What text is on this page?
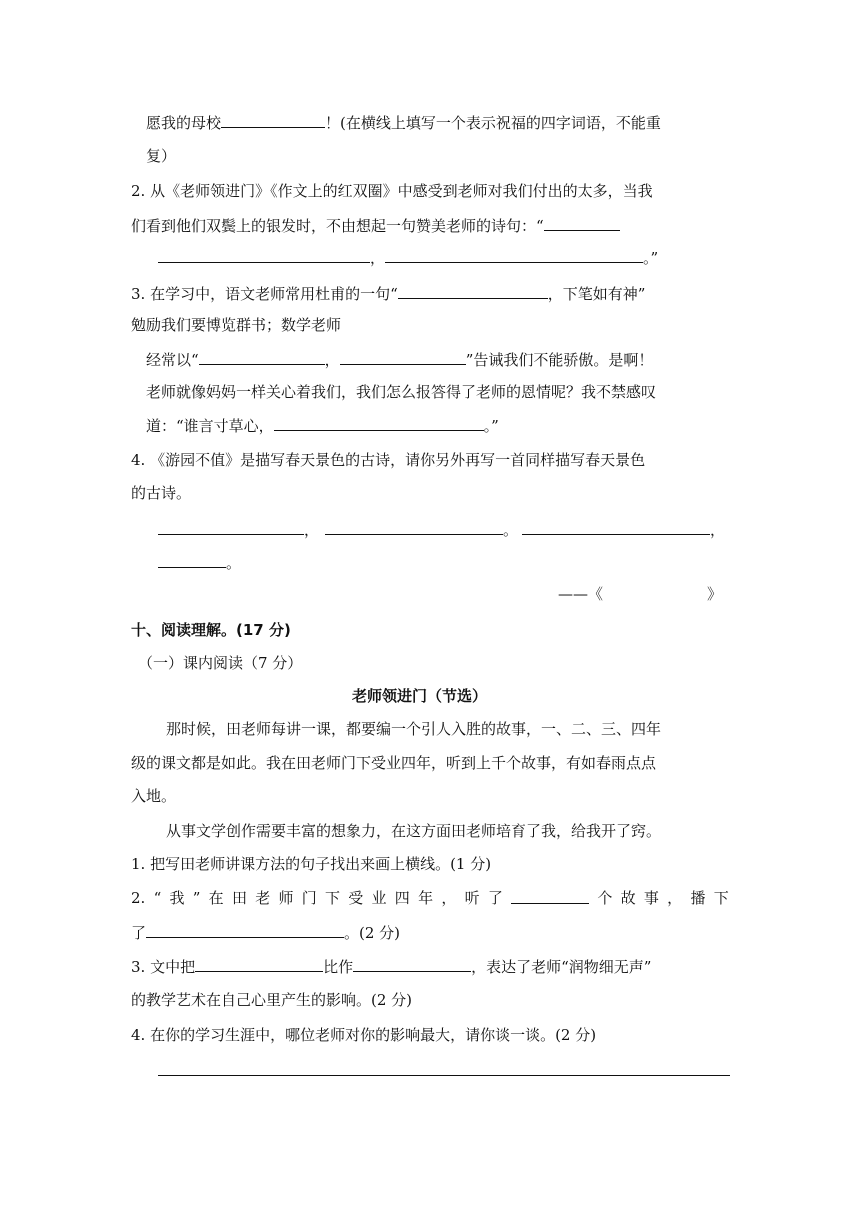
愿我的母校	！(在横线上填写一个表示祝福的四字词语，不能重
复）
2. 从《老师领进门》《作文上的红双圈》中感受到老师对我们付出的太多，当我
们看到他们双鬓上的银发时，不由想起一句赞美老师的诗句：“
，	。”
3. 在学习中，语文老师常用杜甫的一句“	，下笔如有神”
勉励我们要博览群书；数学老师
经常以“	，	”告诫我们不能骄傲。是啊！
老师就像妈妈一样关心着我们，我们怎么报答得了老师的恩情呢？我不禁感叹
道：“谁言寸草心，	。”
4. 《游园不值》是描写春天景色的古诗，请你另外再写一首同样描写春天景色
的古诗。
，	。	，
。
——《	》
十、阅读理解。(17 分)
（一）课内阅读（7 分）
老师领进门（节选）
那时候，田老师每讲一课，都要编一个引人入胜的故事，一、二、三、四年
级的课文都是如此。我在田老师门下受业四年，听到上千个故事，有如春雨点点
入地。
从事文学创作需要丰富的想象力，在这方面田老师培育了我，给我开了窍。
1. 把写田老师讲课方法的句子找出来画上横线。(1 分)
2. “ 我 ” 在 田 老 师 门 下 受 业 四 年 ， 听 了	个 故 事 ， 播 下
了	。(2 分)
3. 文中把	比作	，表达了老师“润物细无声”
的教学艺术在自己心里产生的影响。(2 分)
4. 在你的学习生涯中，哪位老师对你的影响最大，请你谈一谈。(2 分)
